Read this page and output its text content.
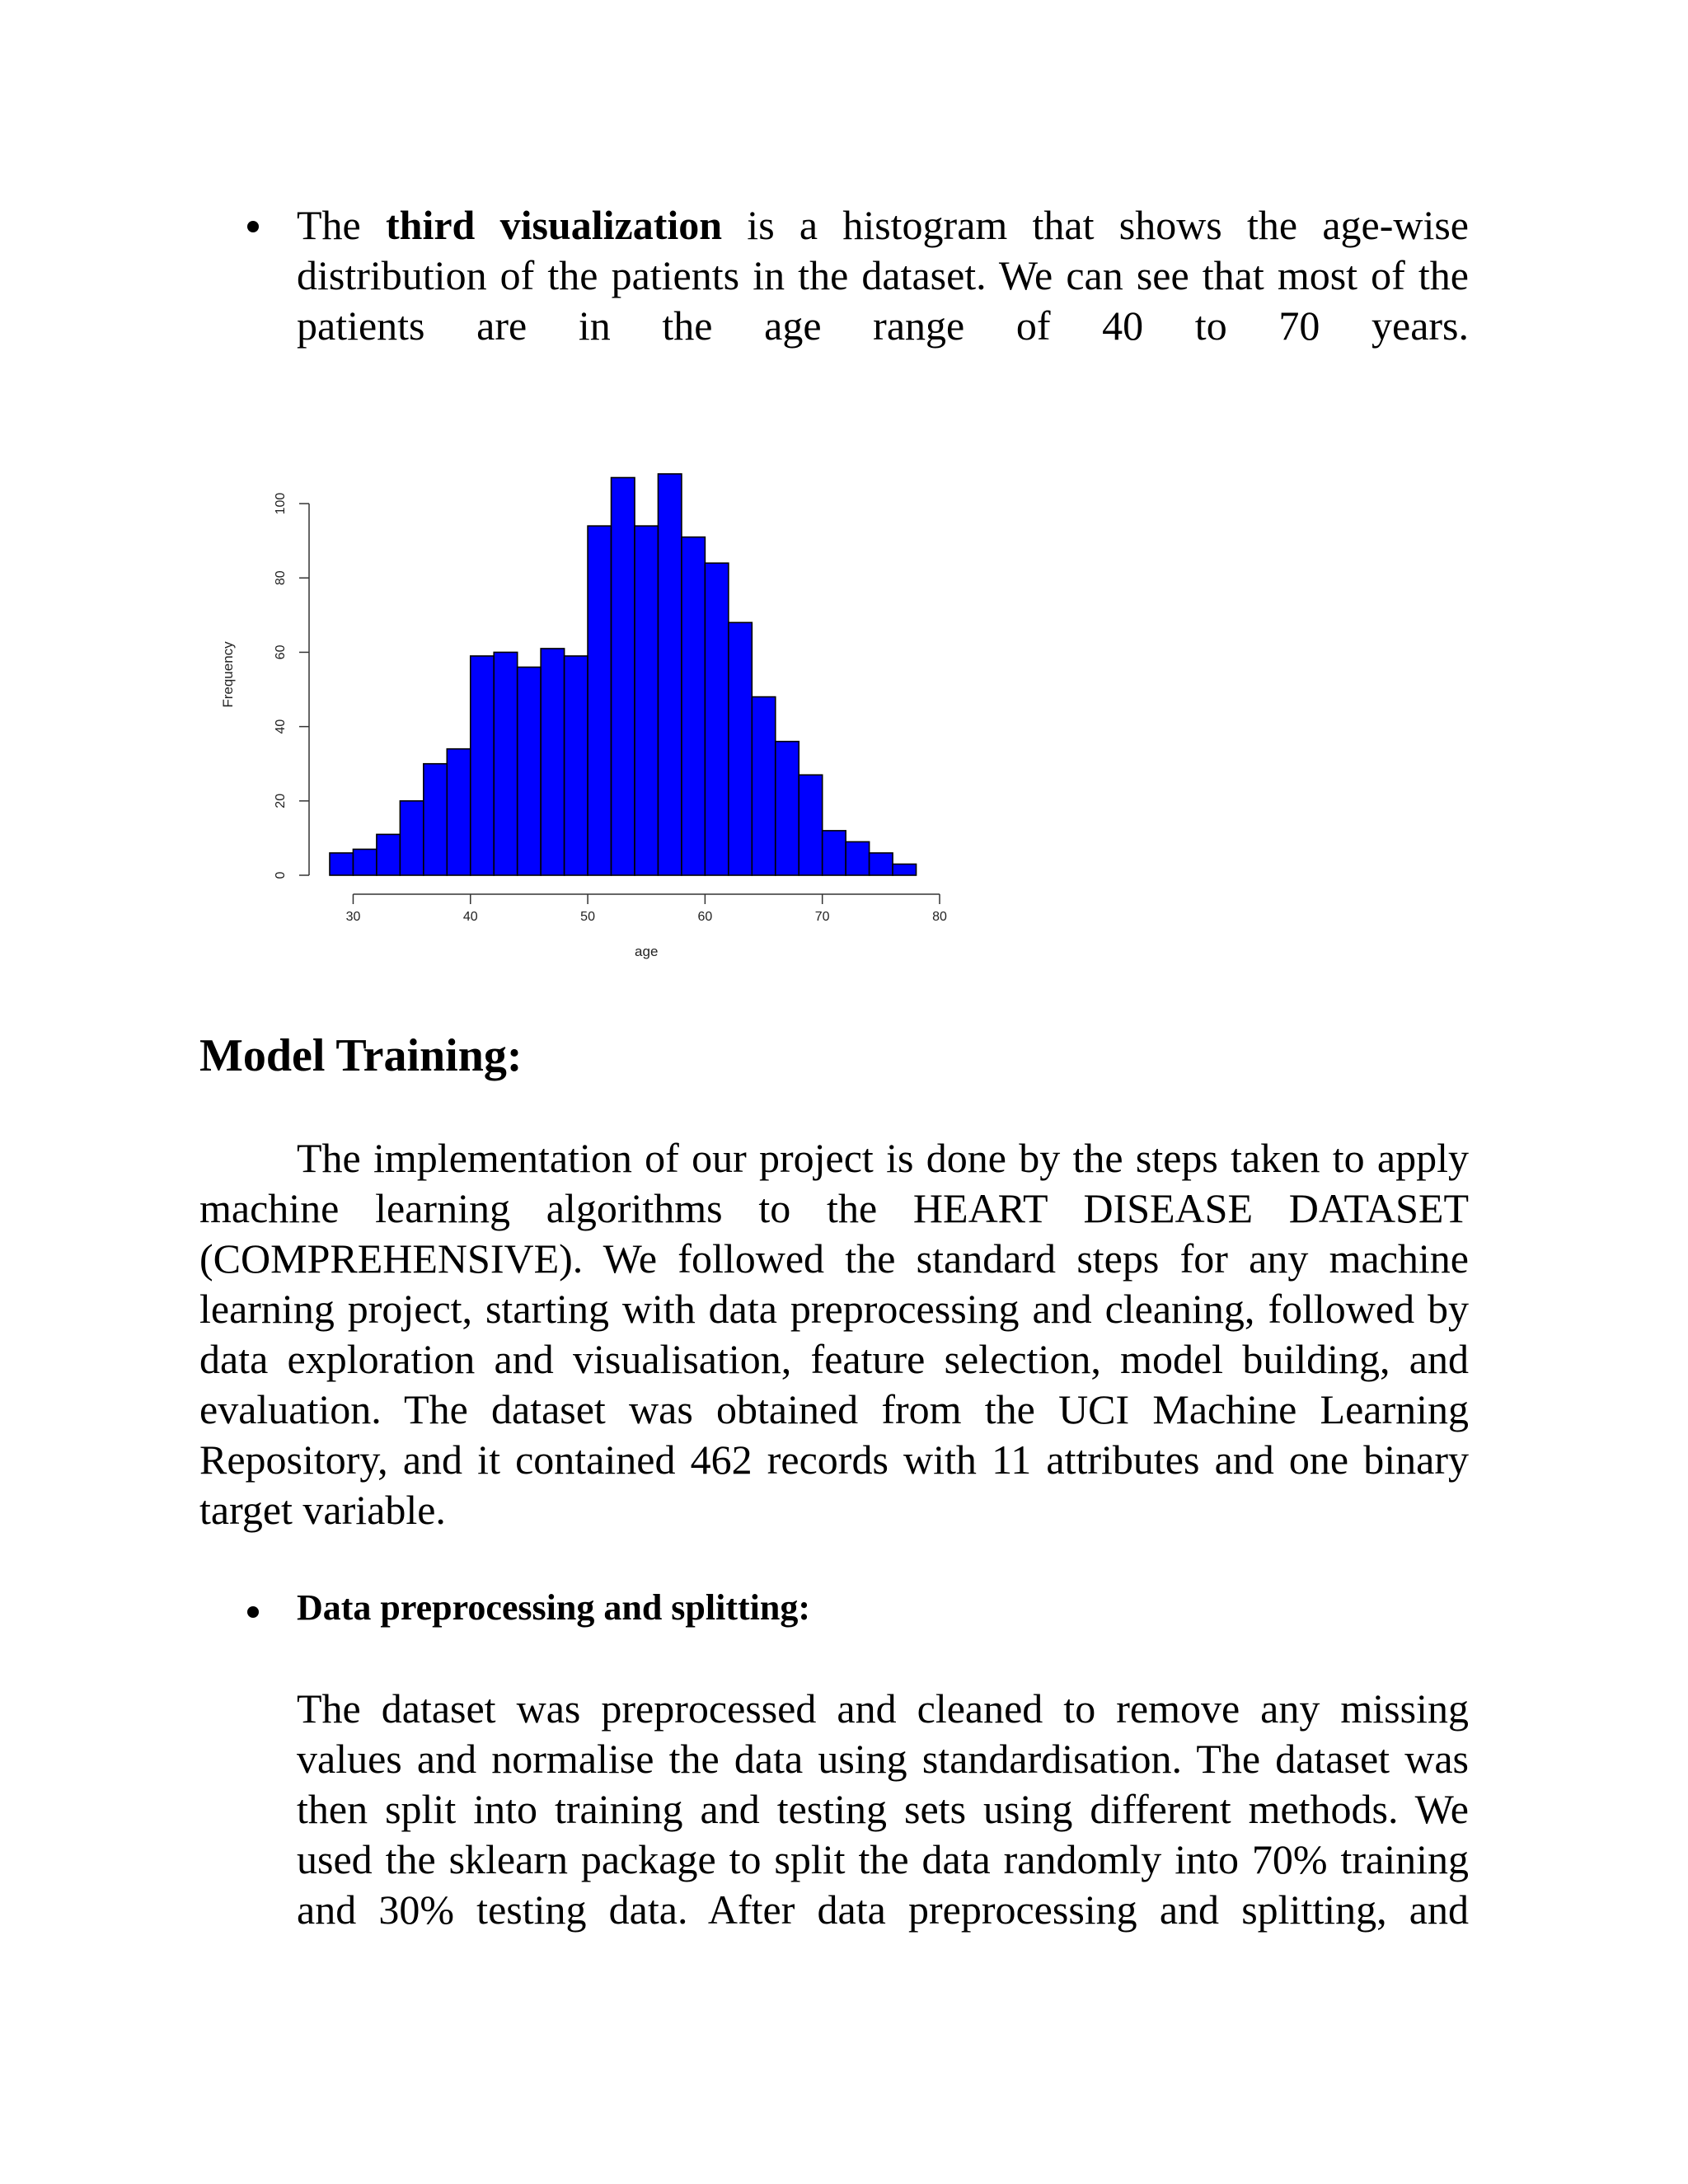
The third visualization is a histogram that shows the age-wise distribution of the patients in the dataset. We can see that most of the patients are in the age range of 40 to 70 years.

0
20
40
60
80
100
30	40	50	60	70	80
Frequency
age
Model Training:

The implementation of our project is done by the steps taken to apply machine learning algorithms to the HEART DISEASE DATASET (COMPREHENSIVE). We followed the standard steps for any machine learning project, starting with data preprocessing and cleaning, followed by data exploration and visualisation, feature selection, model building, and evaluation. The dataset was obtained from the UCI Machine Learning Repository, and it contained 462 records with 11 attributes and one binary target variable.

Data preprocessing and splitting:

The dataset was preprocessed and cleaned to remove any missing values and normalise the data using standardisation. The dataset was then split into training and testing sets using different methods. We used the sklearn package to split the data randomly into 70% training and 30% testing data. After data preprocessing and splitting, and
